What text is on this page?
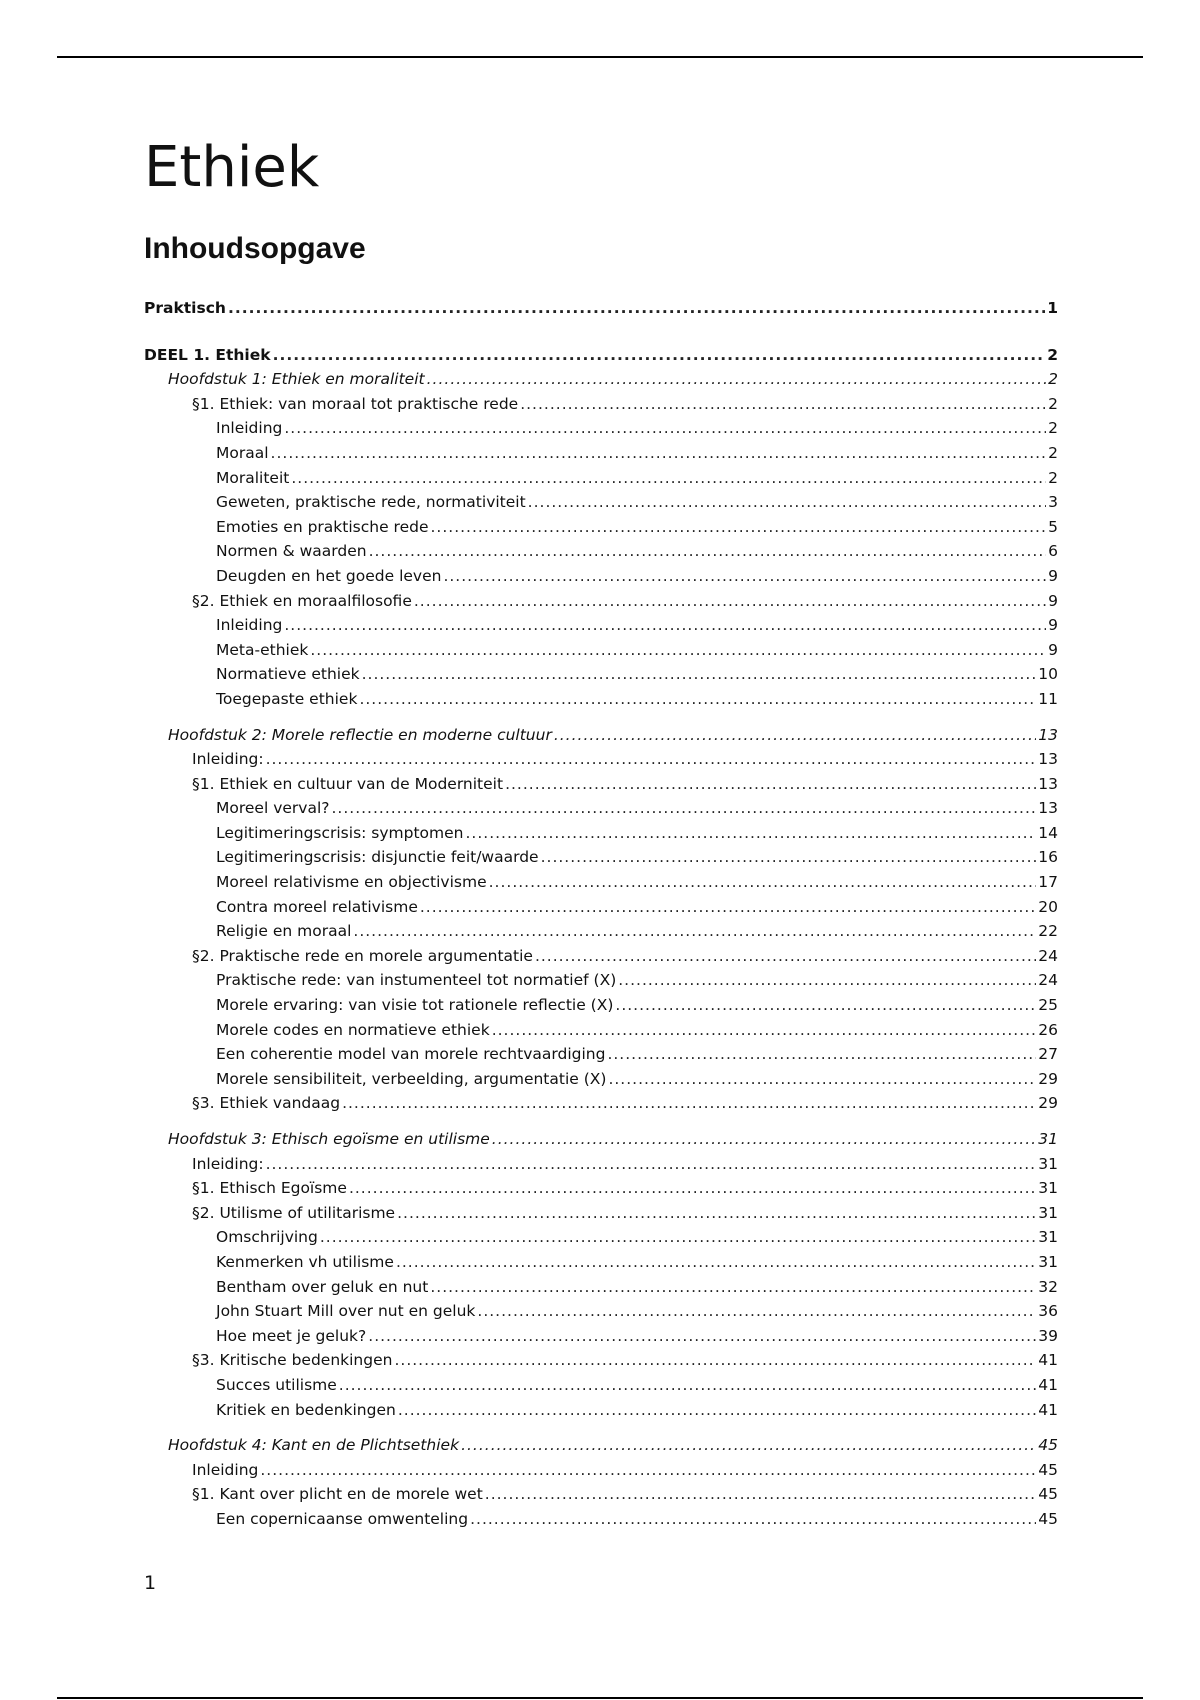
Ethiek
Inhoudsopgave
Praktisch .....	1
DEEL 1. Ethiek .....	2
Hoofdstuk 1: Ethiek en moraliteit .....	2
§1. Ethiek: van moraal tot praktische rede .....	2
Inleiding .....	2
Moraal .....	2
Moraliteit .....	2
Geweten, praktische rede, normativiteit .....	3
Emoties en praktische rede .....	5
Normen & waarden .....	6
Deugden en het goede leven .....	9
§2. Ethiek en moraalfilosofie .....	9
Inleiding .....	9
Meta-ethiek .....	9
Normatieve ethiek .....	10
Toegepaste ethiek .....	11
Hoofdstuk 2: Morele reflectie en moderne cultuur .....	13
Inleiding: .....	13
§1. Ethiek en cultuur van de Moderniteit .....	13
Moreel verval? .....	13
Legitimeringscrisis: symptomen .....	14
Legitimeringscrisis: disjunctie feit/waarde .....	16
Moreel relativisme en objectivisme .....	17
Contra moreel relativisme .....	20
Religie en moraal .....	22
§2. Praktische rede en morele argumentatie .....	24
Praktische rede: van instumenteel tot normatief (X) .....	24
Morele ervaring: van visie tot rationele reflectie (X) .....	25
Morele codes en normatieve ethiek .....	26
Een coherentie model van morele rechtvaardiging .....	27
Morele sensibiliteit, verbeelding, argumentatie (X) .....	29
§3. Ethiek vandaag .....	29
Hoofdstuk 3: Ethisch egoïsme en utilisme .....	31
Inleiding: .....	31
§1. Ethisch Egoïsme .....	31
§2. Utilisme of utilitarisme .....	31
Omschrijving .....	31
Kenmerken vh utilisme .....	31
Bentham over geluk en nut .....	32
John Stuart Mill over nut en geluk .....	36
Hoe meet je geluk? .....	39
§3. Kritische bedenkingen .....	41
Succes utilisme .....	41
Kritiek en bedenkingen .....	41
Hoofdstuk 4: Kant en de Plichtsethiek .....	45
Inleiding .....	45
§1. Kant over plicht en de morele wet .....	45
Een copernicaanse omwenteling .....	45
1
